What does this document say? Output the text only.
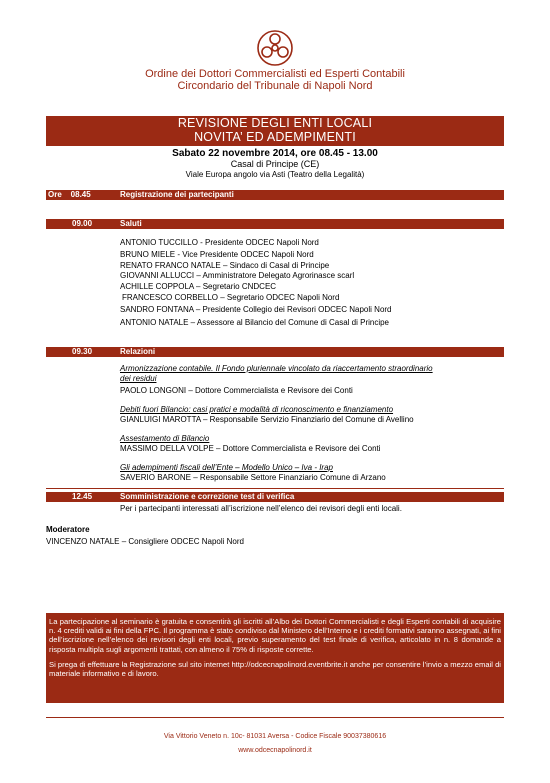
Ordine dei Dottori Commercialisti ed Esperti Contabili
Circondario del Tribunale di Napoli Nord
REVISIONE DEGLI ENTI LOCALI
NOVITA’ ED ADEMPIMENTI
Sabato 22 novembre 2014, ore 08.45 - 13.00
Casal di Principe (CE)
Viale Europa angolo via Asti (Teatro della Legalità)
Ore    08.45	Registrazione dei partecipanti
09.00	Saluti
ANTONIO TUCCILLO - Presidente ODCEC Napoli Nord
BRUNO MIELE - Vice Presidente ODCEC Napoli Nord
RENATO FRANCO NATALE – Sindaco di Casal di Principe
GIOVANNI ALLUCCI – Amministratore Delegato Agrorinasce scarl
ACHILLE COPPOLA – Segretario CNDCEC
FRANCESCO CORBELLO – Segretario ODCEC Napoli Nord
SANDRO FONTANA – Presidente Collegio dei Revisori ODCEC Napoli Nord
ANTONIO NATALE – Assessore al Bilancio del Comune di Casal di Principe
09.30	Relazioni
Armonizzazione contabile. Il Fondo pluriennale vincolato da riaccertamento straordinario
dei residui
PAOLO LONGONI – Dottore Commercialista e Revisore dei Conti
Debiti fuori Bilancio: casi pratici e modalità di riconoscimento e finanziamento
GIANLUIGI MAROTTA – Responsabile Servizio Finanziario del Comune di Avellino
Assestamento di Bilancio
MASSIMO DELLA VOLPE – Dottore Commercialista e Revisore dei Conti
Gli adempimenti fiscali dell’Ente – Modello Unico – Iva - Irap
SAVERIO BARONE – Responsabile Settore Finanziario Comune di Arzano
12.45	Somministrazione e correzione test di verifica
Per i partecipanti interessati all’iscrizione nell’elenco dei revisori degli enti locali.
Moderatore
VINCENZO NATALE – Consigliere ODCEC Napoli Nord

La partecipazione al seminario è gratuita e consentirà gli iscritti all’Albo dei Dottori Commercialisti e degli Esperti contabili di acquisire n. 4 crediti validi ai fini della FPC. Il programma è stato condiviso dal Ministero dell’Interno e i crediti formativi saranno assegnati, ai fini dell’iscrizione nell’elenco dei revisori degli enti locali, previo superamento del test finale di verifica, articolato in n. 8 domande a risposta multipla sugli argomenti trattati, con almeno il 75% di risposte corrette.

Si prega di effettuare la Registrazione sul sito internet http://odcecnapolinord.eventbrite.it anche per consentire l’invio a mezzo email di materiale informativo e di lavoro.

Via Vittorio Veneto n. 10c- 81031 Aversa - Codice Fiscale 90037380616
www.odcecnapolinord.it
